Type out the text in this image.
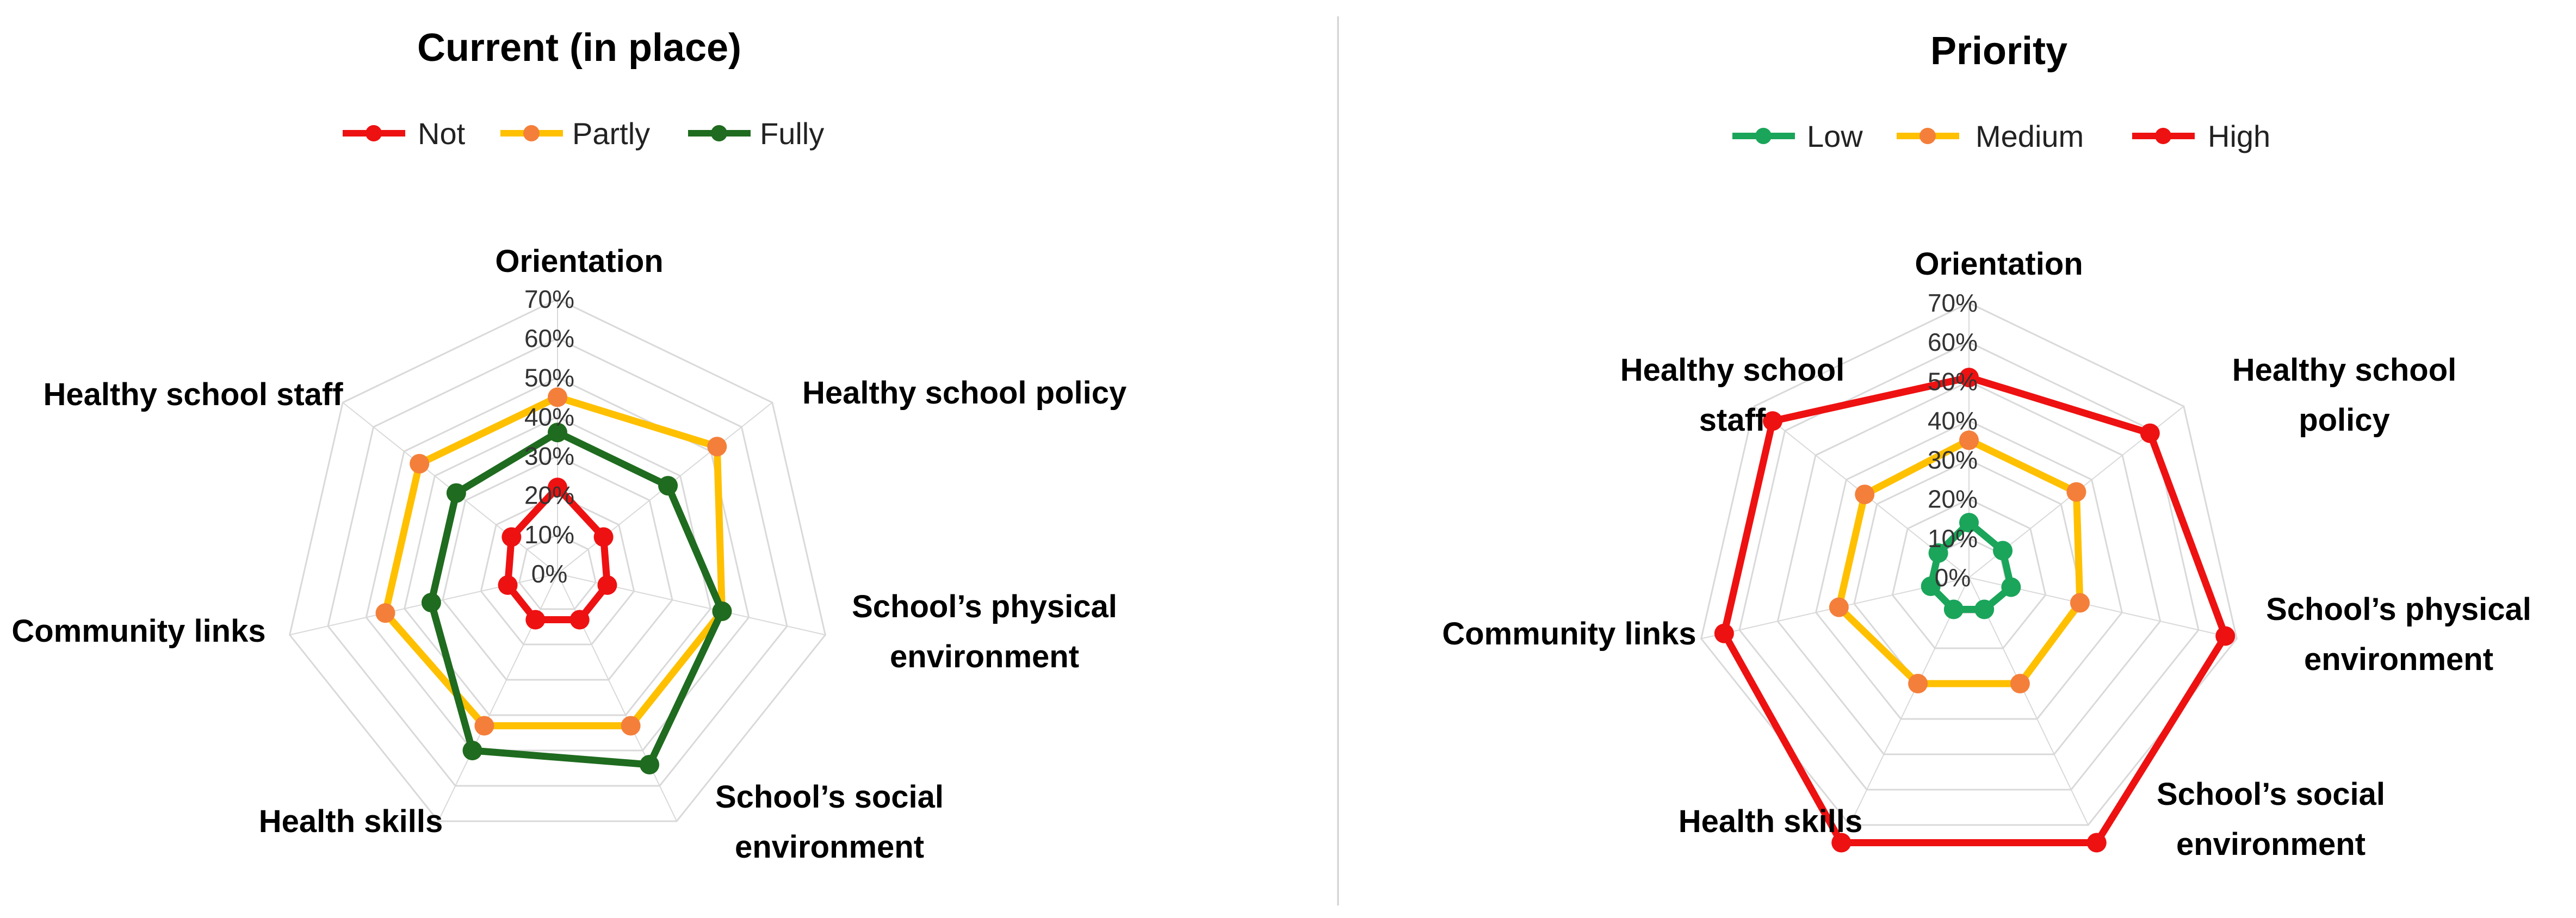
Current (in place)
Not	Partly	Fully
0%
10%
20%
30%
40%
50%
60%
70%
Orientation
Healthy school policy
School’s physical environment
School’s social environment
Health skills
Community links
Healthy school staff
Priority
Low	Medium	High
0%
10%
20%
30%
40%
50%
60%
70%
Orientation
Healthy school policy
School’s physical environment
School’s social environment
Health skills
Community links
Healthy school staff
